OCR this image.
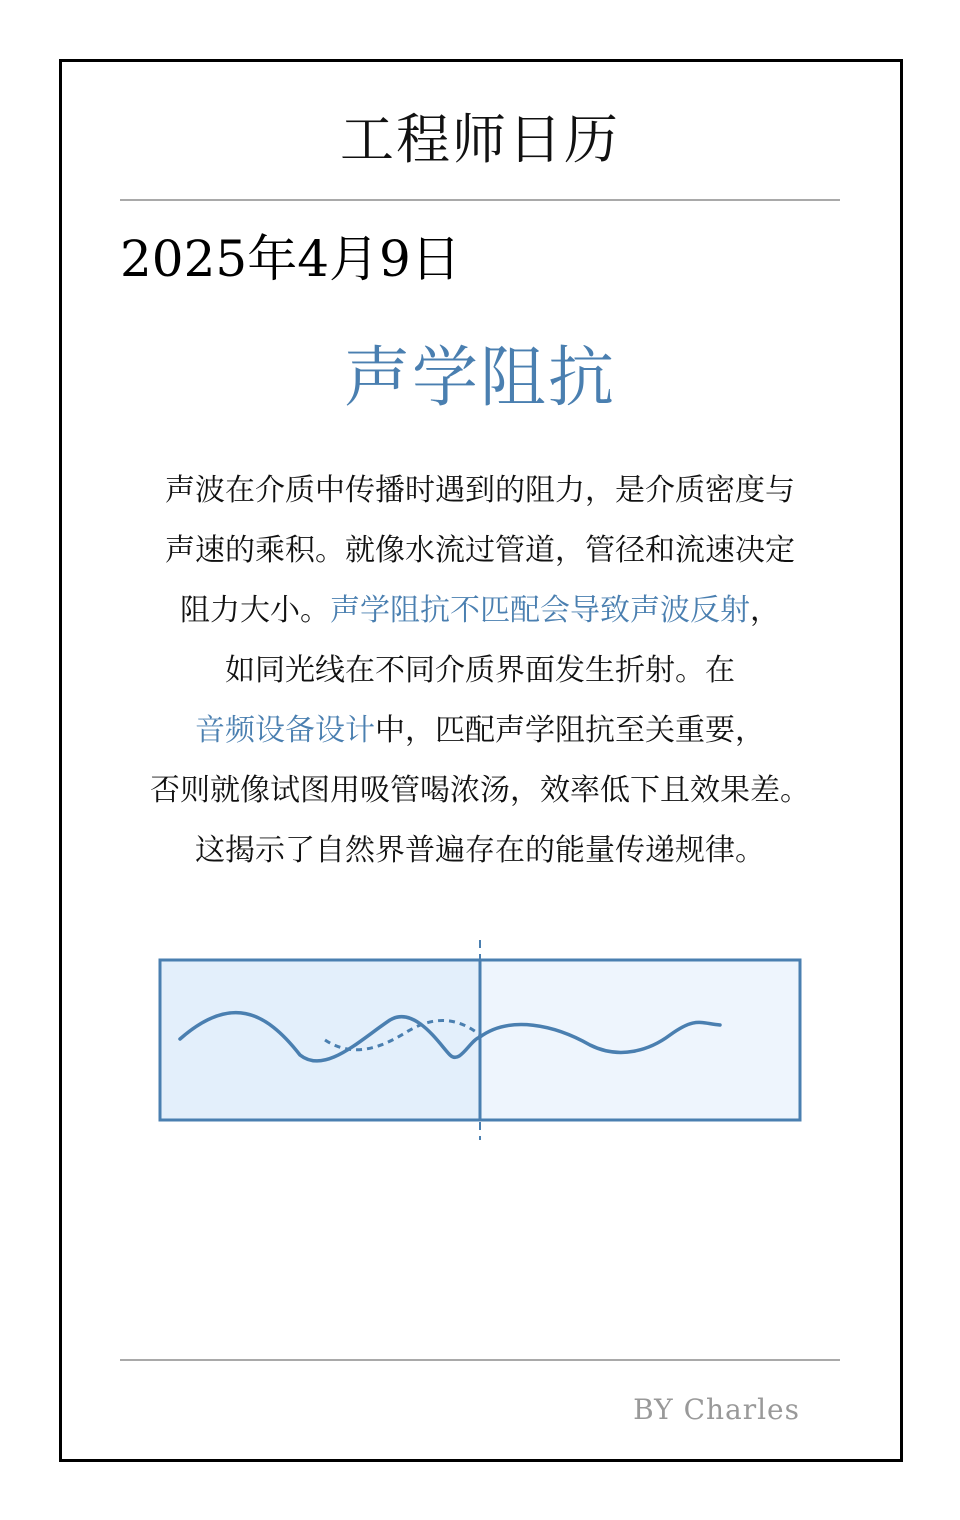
工程师日历
2025年4月9日
声学阻抗
声波在介质中传播时遇到的阻力，是介质密度与
声速的乘积。就像水流过管道，管径和流速决定
阻力大小。声学阻抗不匹配会导致声波反射，
如同光线在不同介质界面发生折射。在
音频设备设计中，匹配声学阻抗至关重要，
否则就像试图用吸管喝浓汤，效率低下且效果差。
这揭示了自然界普遍存在的能量传递规律。
BY Charles
